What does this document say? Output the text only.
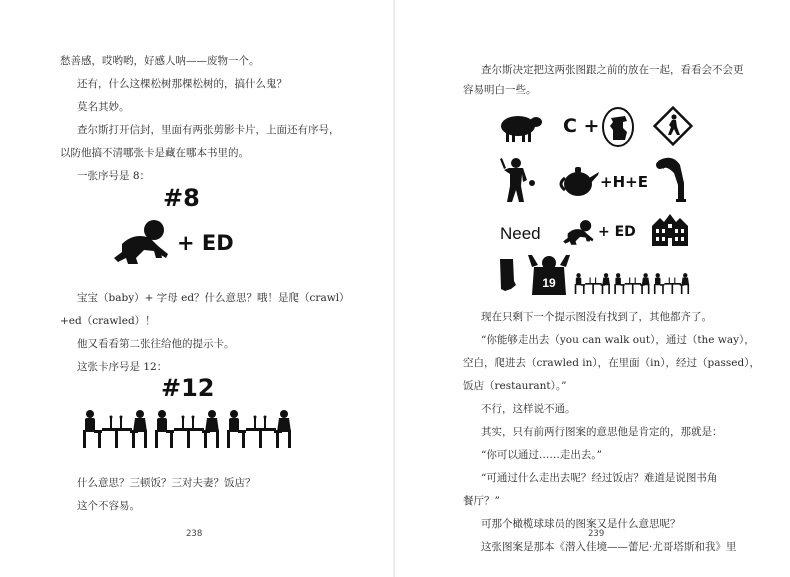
愁善感，哎哟哟，好感人呐——废物一个。
还有，什么这棵松树那棵松树的，搞什么鬼？
莫名其妙。
查尔斯打开信封，里面有两张剪影卡片，上面还有序号，
以防他搞不清哪张卡是藏在哪本书里的。
一张序号是 8：
#8
+ ED
宝宝（baby）+ 字母 ed？什么意思？哦！是爬（crawl）
+ed（crawled）！
他又看看第二张往给他的提示卡。
这张卡序号是 12：
#12
什么意思？三顿饭？三对夫妻？饭店？
这个不容易。
238
查尔斯决定把这两张图跟之前的放在一起，看看会不会更
容易明白一些。
C +
+H+E
Need	+ ED
19
现在只剩下一个提示图没有找到了，其他都齐了。
“你能够走出去（you can walk out），通过（the way），
空白，爬进去（crawled in），在里面（in），经过（passed），
饭店（restaurant）。”
不行，这样说不通。
其实，只有前两行图案的意思他是肯定的，那就是：
“你可以通过……走出去。”
“可通过什么走出去呢？经过饭店？难道是说图书角
餐厅？”
可那个橄榄球球员的图案又是什么意思呢？
这张图案是那本《潜入佳境——蕾尼·尤哥塔斯和我》里
239
